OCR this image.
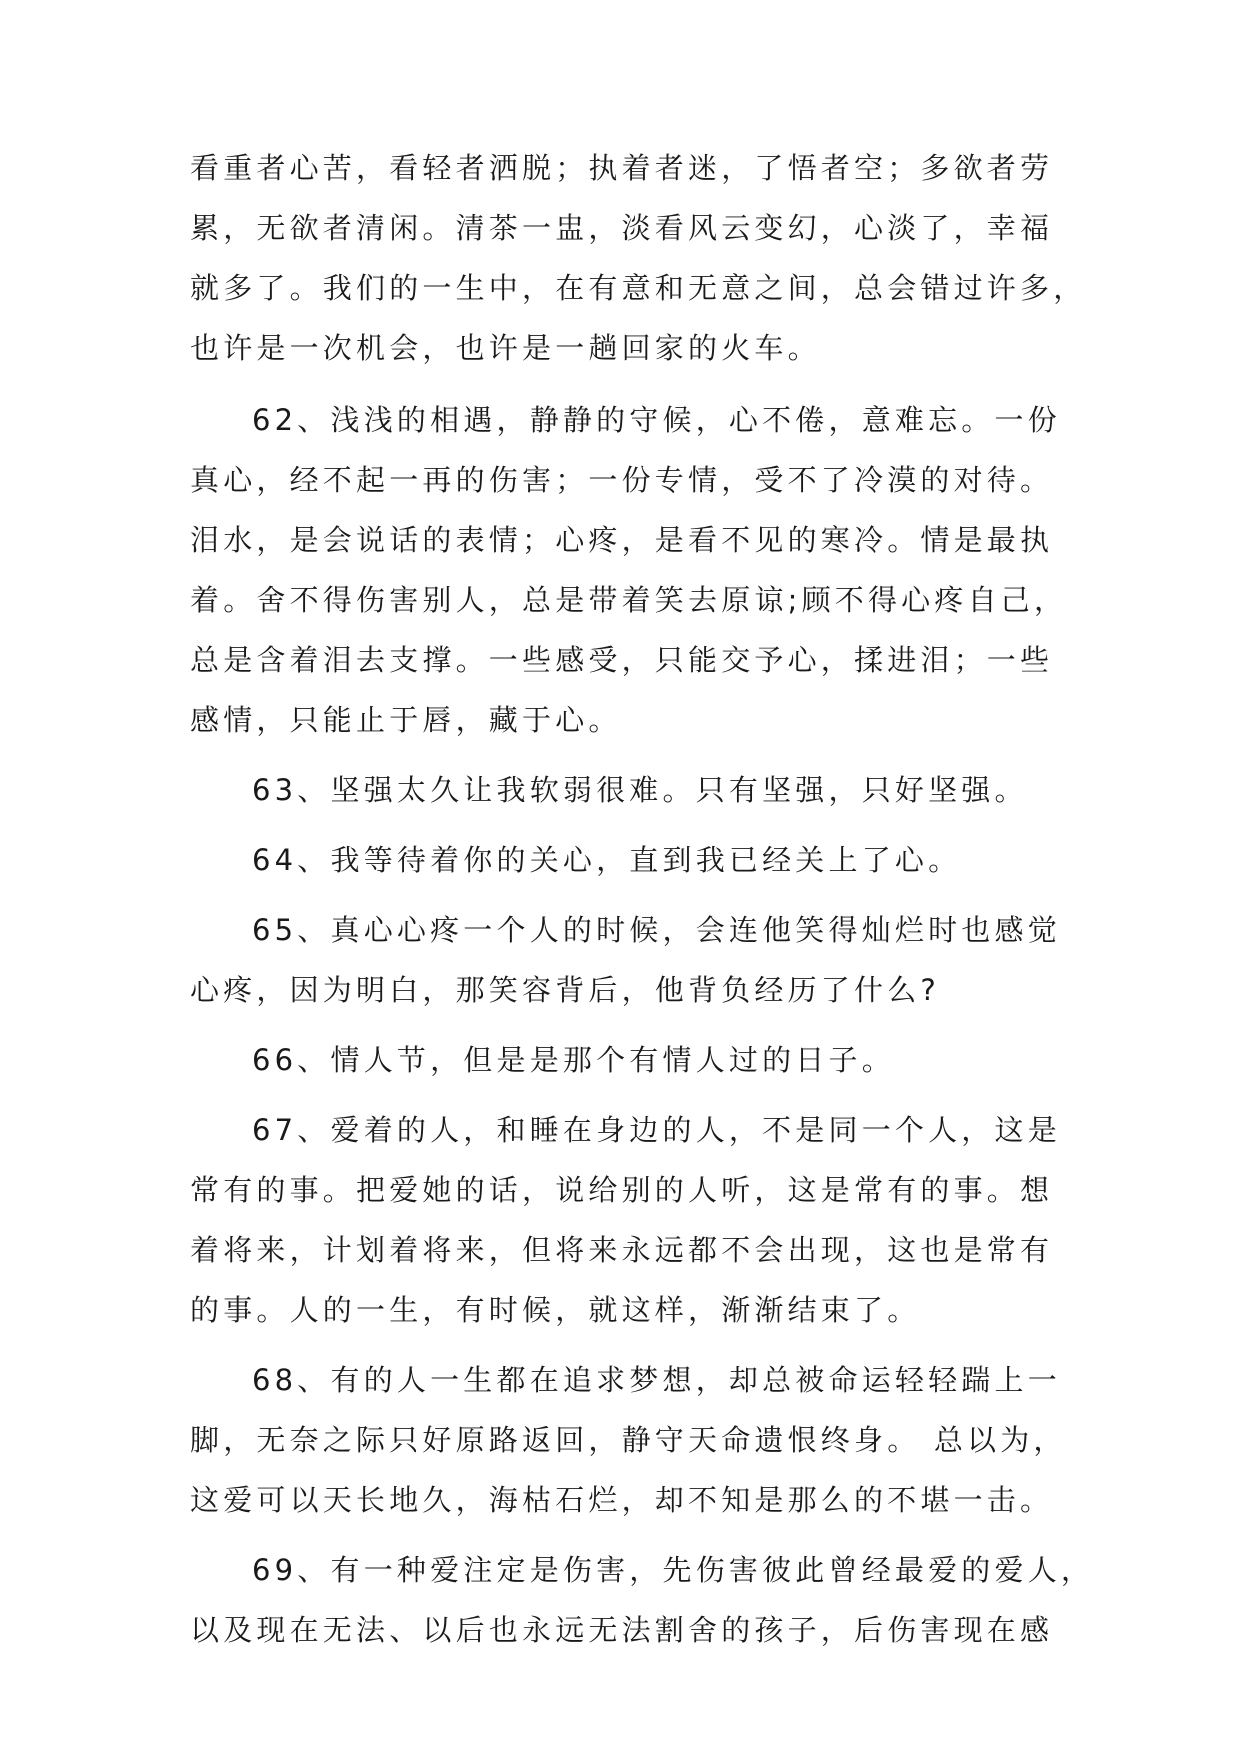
看重者心苦，看轻者洒脱；执着者迷，了悟者空；多欲者劳
累，无欲者清闲。清茶一盅，淡看风云变幻，心淡了，幸福
就多了。我们的一生中，在有意和无意之间，总会错过许多，
也许是一次机会，也许是一趟回家的火车。
62、浅浅的相遇，静静的守候，心不倦，意难忘。一份
真心，经不起一再的伤害；一份专情，受不了冷漠的对待。
泪水，是会说话的表情；心疼，是看不见的寒冷。情是最执
着。舍不得伤害别人，总是带着笑去原谅;顾不得心疼自己，
总是含着泪去支撑。一些感受，只能交予心，揉进泪；一些
感情，只能止于唇，藏于心。
63、坚强太久让我软弱很难。只有坚强，只好坚强。
64、我等待着你的关心，直到我已经关上了心。
65、真心心疼一个人的时候，会连他笑得灿烂时也感觉
心疼，因为明白，那笑容背后，他背负经历了什么?
66、情人节，但是是那个有情人过的日子。
67、爱着的人，和睡在身边的人，不是同一个人，这是
常有的事。把爱她的话，说给别的人听，这是常有的事。想
着将来，计划着将来，但将来永远都不会出现，这也是常有
的事。人的一生，有时候，就这样，渐渐结束了。
68、有的人一生都在追求梦想，却总被命运轻轻踹上一
脚，无奈之际只好原路返回，静守天命遗恨终身。 总以为，
这爱可以天长地久，海枯石烂，却不知是那么的不堪一击。
69、有一种爱注定是伤害，先伤害彼此曾经最爱的爱人，
以及现在无法、以后也永远无法割舍的孩子，后伤害现在感
